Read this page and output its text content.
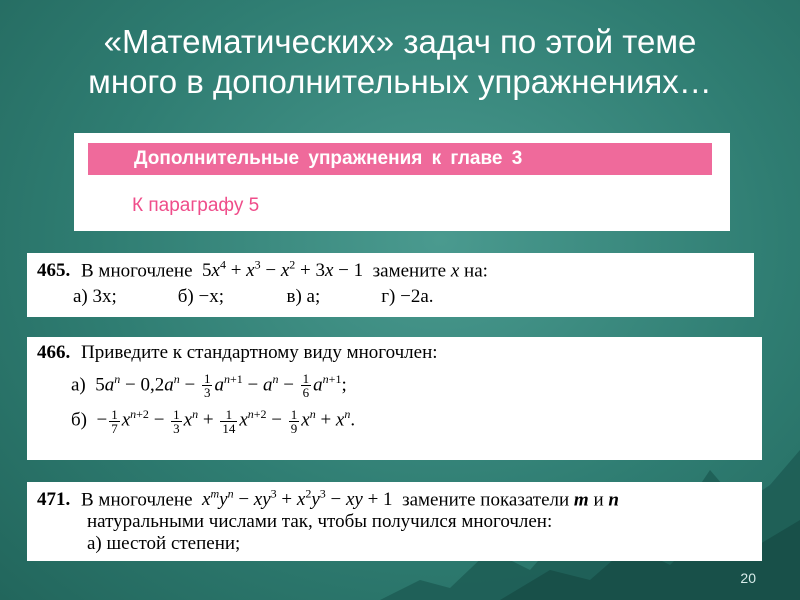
«Математических» задач по этой теме
много в дополнительных упражнениях…
Дополнительные упражнения к главе 3
К параграфу 5
465. В многочлене  $5x^4 + x^3 - x^2 + 3x - 1$  замените x на:
а) 3x;	б) −x;	в) a;	г) −2a.
466. Приведите к стандартному виду многочлен:
а)  $5a^n - 0,2a^n - \frac{1}{3} a^{n+1} - a^n - \frac{1}{6} a^{n+1}$;
$б) - \frac{1}{7} x^{n+2} - \frac{1}{3} x^n + \frac{1}{14} x^{n+2} - \frac{1}{9} x^n + x^n$.
471. В многочлене $x^my^n - xy^3 + x^2y^3$ − xy + 1  замените показатели m и n
натуральными числами так, чтобы получился многочлен:
а) шестой степени;
20
